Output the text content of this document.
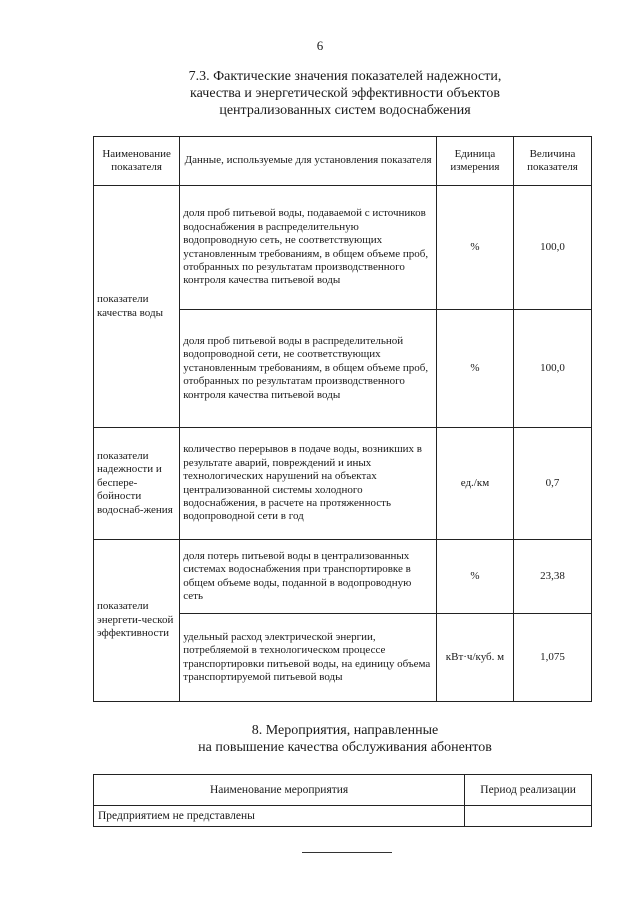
6
7.3. Фактические значения показателей надежности,
качества и энергетической эффективности объектов
централизованных систем водоснабжения
Наименование показателя	Данные, используемые для установления показателя	Единица измерения	Величина показателя
показатели качества воды	доля проб питьевой воды, подаваемой с источников водоснабжения в распределительную водопроводную сеть, не соответствующих установленным требованиям, в общем объеме проб, отобранных по результатам производственного контроля качества питьевой воды	%	100,0
	доля проб питьевой воды в распределительной водопроводной сети, не соответствующих установленным требованиям, в общем объеме проб, отобранных по результатам производственного контроля качества питьевой воды	%	100,0
показатели надежности и беспере-бойности водоснаб-жения	количество перерывов в подаче воды, возникших в результате аварий, повреждений и иных технологических нарушений на объектах централизованной системы холодного водоснабжения, в расчете на протяженность водопроводной сети в год	ед./км	0,7
показатели энергети-ческой эффективности	доля потерь питьевой воды в централизованных системах водоснабжения при транспортировке в общем объеме воды, поданной в водопроводную сеть	%	23,38
	удельный расход электрической энергии, потребляемой в технологическом процессе транспортировки питьевой воды, на единицу объема транспортируемой питьевой воды	кВт·ч/куб. м	1,075
8. Мероприятия, направленные
на повышение качества обслуживания абонентов
Наименование мероприятия	Период реализации
Предприятием не представлены	
